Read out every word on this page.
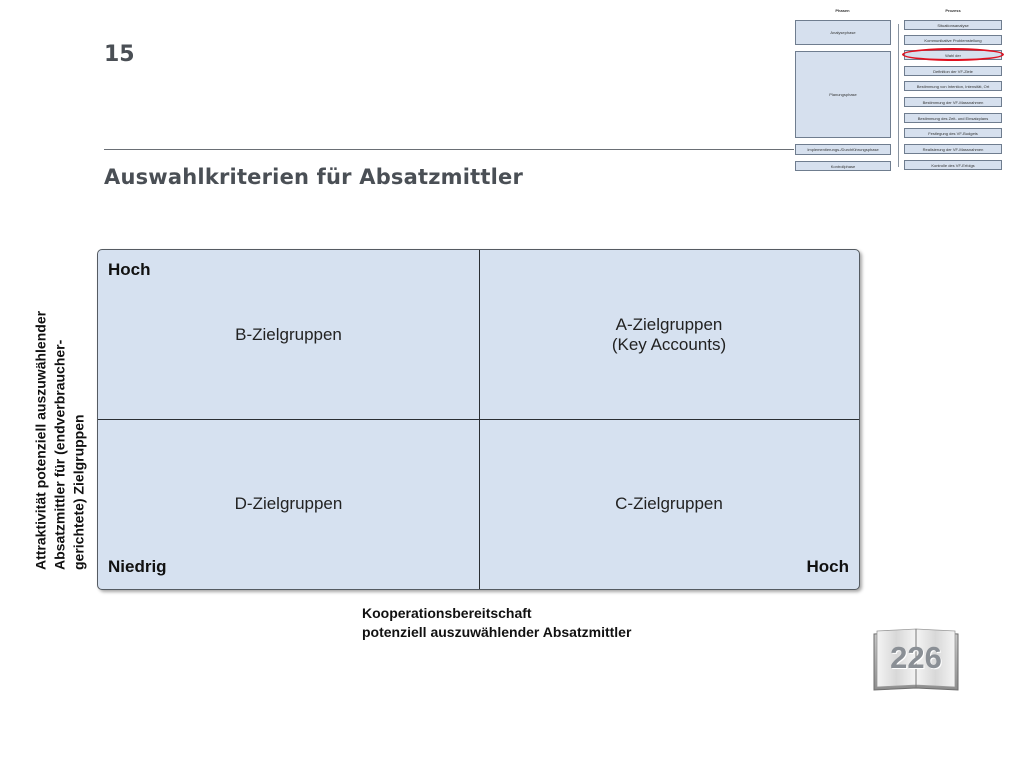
15
Auswahlkriterien für Absatzmittler
Phasen	Prozess
Analysephase
Planungsphase
Implementierungs-/Durchführungsphase
Kontrollphase
Situationsanalyse
Kommunikative Problemstellung
Wahl der
Definition der VF-Ziele
Bestimmung von Intention, Intensität, Ort
Bestimmung der VF-Massnahmen
Bestimmung des Zeit- und Einsatzplans
Festlegung des VF-Budgets
Realisierung der VF-Massnahmen
Kontrolle des VF-Erfolgs
Attraktivität potenziell auszuwählender Absatzmittler für (endverbraucher- gerichtete) Zielgruppen
Hoch
Niedrig	Hoch
B-Zielgruppen
A-Zielgruppen
(Key Accounts)
D-Zielgruppen	C-Zielgruppen
Kooperationsbereitschaft
potenziell auszuwählender Absatzmittler
226
